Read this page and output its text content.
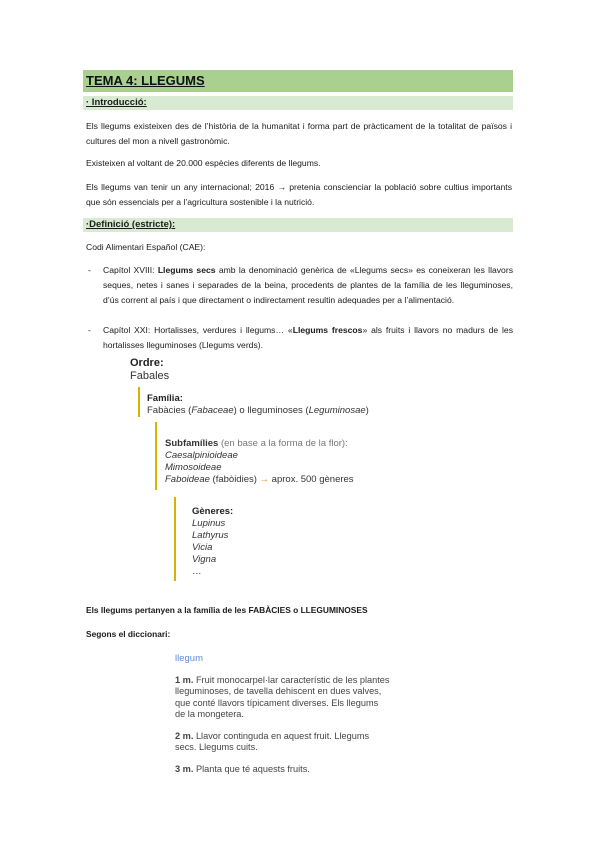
TEMA 4: LLEGUMS
· Introducció:
Els llegums existeixen des de l’història de la humanitat i forma part de pràcticament de la totalitat de països i cultures del mon a nivell gastronòmic.
Existeixen al voltant de 20.000 espècies diferents de llegums.
Els llegums van tenir un any internacional; 2016 → pretenia conscienciar la població sobre cultius importants que són essencials per a l’agricultura sostenible i la nutrició.
·Definició (estricte):
Codi Alimentari Español (CAE):
- Capítol XVIII: Llegums secs amb la denominació genèrica de «Llegums secs» es coneixeran les llavors seques, netes i sanes i separades de la beina, procedents de plantes de la família de les lleguminoses, d’ús corrent al país i que directament o indirectament resultin adequades per a l’alimentació.
- Capítol XXI: Hortalisses, verdures i llegums… «Llegums frescos» als fruits i llavors no madurs de les hortalisses lleguminoses (Llegums verds).
Ordre:
Fabales
Família:
Fabàcies (Fabaceae) o lleguminoses (Leguminosae)
Subfamílies (en base a la forma de la flor):
Caesalpinioideae
Mimosoideae
Faboideae (fabòidies) → aprox. 500 gèneres
Gèneres:
Lupinus
Lathyrus
Vicia
Vigna
…
Els llegums pertanyen a la família de les FABÀCIES o LLEGUMINOSES
Segons el diccionari:
llegum
1 m. Fruit monocarpel·lar característic de les plantes
lleguminoses, de tavella dehiscent en dues valves,
que conté llavors típicament diverses. Els llegums
de la mongetera.
2 m. Llavor continguda en aquest fruit. Llegums
secs. Llegums cuits.
3 m. Planta que té aquests fruits.
